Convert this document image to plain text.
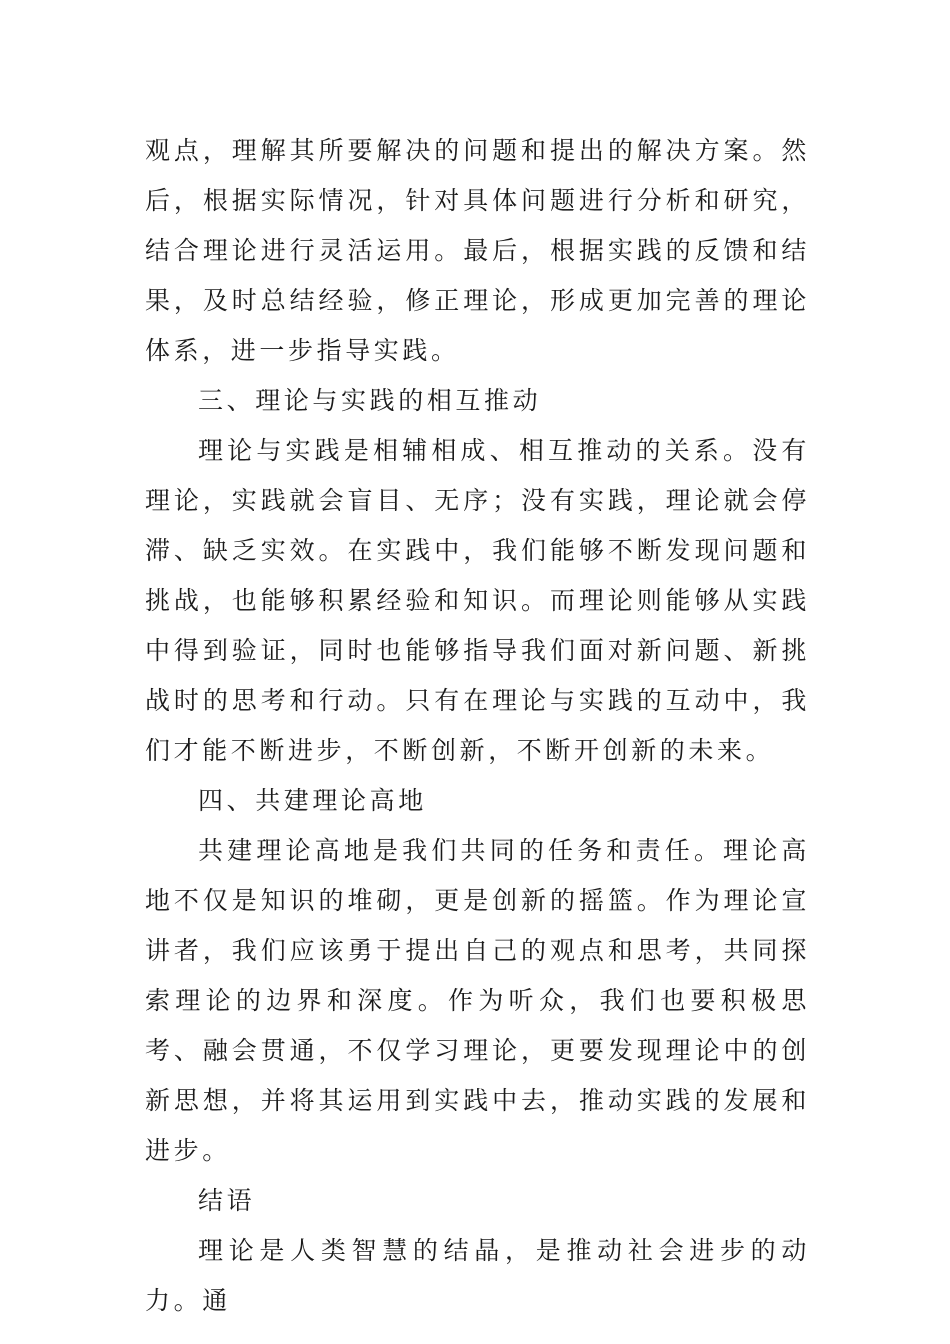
观点，理解其所要解决的问题和提出的解决方案。然后，根据实际情况，针对具体问题进行分析和研究，结合理论进行灵活运用。最后，根据实践的反馈和结果，及时总结经验，修正理论，形成更加完善的理论体系，进一步指导实践。

三、理论与实践的相互推动

理论与实践是相辅相成、相互推动的关系。没有理论，实践就会盲目、无序；没有实践，理论就会停滞、缺乏实效。在实践中，我们能够不断发现问题和挑战，也能够积累经验和知识。而理论则能够从实践中得到验证，同时也能够指导我们面对新问题、新挑战时的思考和行动。只有在理论与实践的互动中，我们才能不断进步，不断创新，不断开创新的未来。

四、共建理论高地

共建理论高地是我们共同的任务和责任。理论高地不仅是知识的堆砌，更是创新的摇篮。作为理论宣讲者，我们应该勇于提出自己的观点和思考，共同探索理论的边界和深度。作为听众，我们也要积极思考、融会贯通，不仅学习理论，更要发现理论中的创新思想，并将其运用到实践中去，推动实践的发展和进步。

结语

理论是人类智慧的结晶，是推动社会进步的动力。通
